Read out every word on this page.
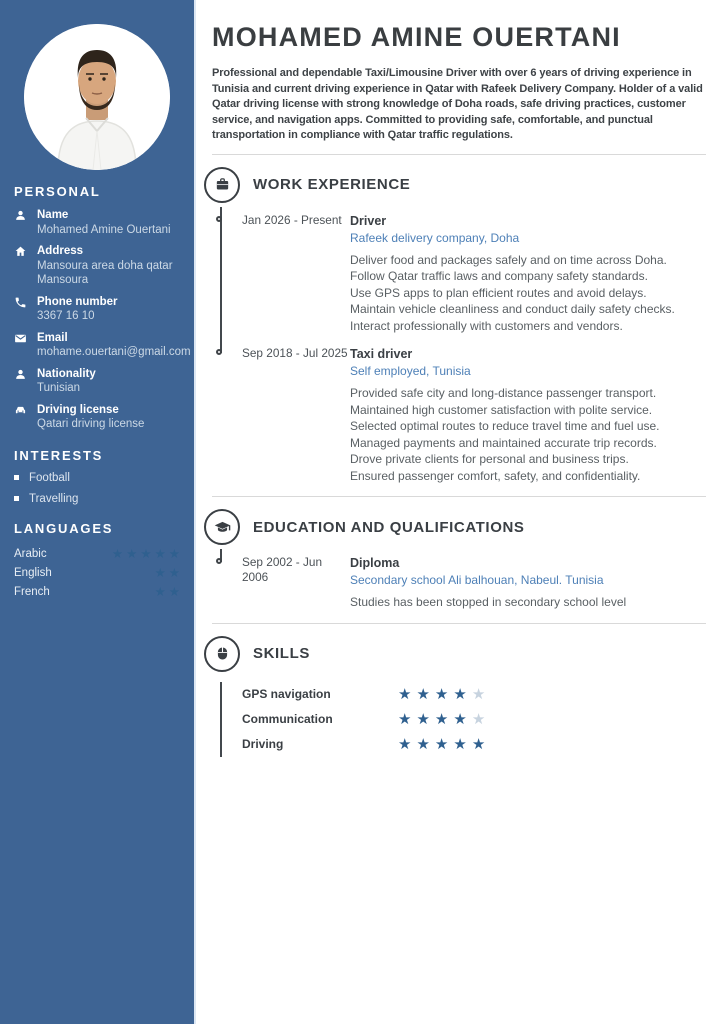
PERSONAL
Name
Mohamed Amine Ouertani
Address
Mansoura area doha qatar
Mansoura
Phone number
3367 16 10
Email
mohame.ouertani@gmail.com
Nationality
Tunisian
Driving license
Qatari driving license
INTERESTS
Football
Travelling
LANGUAGES
Arabic	★ ★ ★ ★ ★
English	★ ★
French	★ ★
MOHAMED AMINE OUERTANI

Professional and dependable Taxi/Limousine Driver with over 6 years of driving experience in Tunisia and current driving experience in Qatar with Rafeek Delivery Company. Holder of a valid Qatar driving license with strong knowledge of Doha roads, safe driving practices, customer service, and navigation apps. Committed to providing safe, comfortable, and punctual transportation in compliance with Qatar traffic regulations.

WORK EXPERIENCE
Jan 2026 - Present Driver
Rafeek delivery company, Doha
Deliver food and packages safely and on time across Doha.
Follow Qatar traffic laws and company safety standards.
Use GPS apps to plan efficient routes and avoid delays.
Maintain vehicle cleanliness and conduct daily safety checks.
Interact professionally with customers and vendors.
Sep 2018 - Jul 2025 Taxi driver
Self employed, Tunisia
Provided safe city and long-distance passenger transport.
Maintained high customer satisfaction with polite service.
Selected optimal routes to reduce travel time and fuel use.
Managed payments and maintained accurate trip records.
Drove private clients for personal and business trips.
Ensured passenger comfort, safety, and confidentiality.
EDUCATION AND QUALIFICATIONS
Sep 2002 - Jun 2006
Diploma
Secondary school Ali balhouan, Nabeul. Tunisia
Studies has been stopped in secondary school level
SKILLS
GPS navigation	★ ★ ★ ★ ★
Communication	★ ★ ★ ★ ★
Driving	★ ★ ★ ★ ★
